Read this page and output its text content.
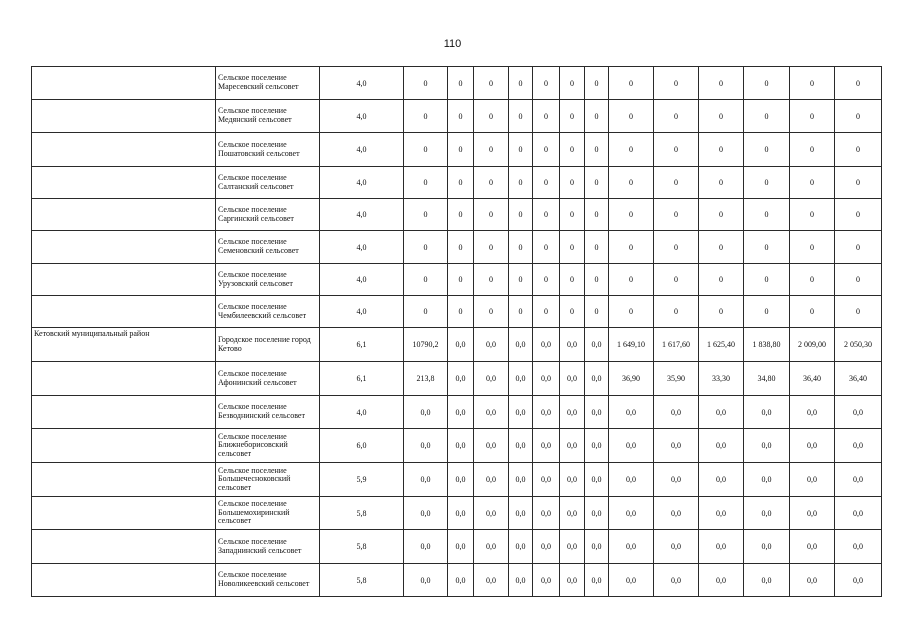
110
	Сельское поселение Маресевский сельсовет	4,0	0	0	0	0	0	0	0	0	0	0	0	0	0
	Сельское поселение Медянский сельсовет	4,0	0	0	0	0	0	0	0	0	0	0	0	0	0
	Сельское поселение Пошатовский сельсовет	4,0	0	0	0	0	0	0	0	0	0	0	0	0	0
	Сельское поселение Салтанский сельсовет	4,0	0	0	0	0	0	0	0	0	0	0	0	0	0
	Сельское поселение Саргинский сельсовет	4,0	0	0	0	0	0	0	0	0	0	0	0	0	0
	Сельское поселение Семеновский сельсовет	4,0	0	0	0	0	0	0	0	0	0	0	0	0	0
	Сельское поселение Урузовский сельсовет	4,0	0	0	0	0	0	0	0	0	0	0	0	0	0
	Сельское поселение Чембилеевский сельсовет	4,0	0	0	0	0	0	0	0	0	0	0	0	0	0
Кетовский муниципальный район	Городское поселение город Кетово	6,1	10790,2	0,0	0,0	0,0	0,0	0,0	0,0	1 649,10	1 617,60	1 625,40	1 838,80	2 009,00	2 050,30
	Сельское поселение Афонинский сельсовет	6,1	213,8	0,0	0,0	0,0	0,0	0,0	0,0	36,90	35,90	33,30	34,80	36,40	36,40
	Сельское поселение Безводнинский сельсовет	4,0	0,0	0,0	0,0	0,0	0,0	0,0	0,0	0,0	0,0	0,0	0,0	0,0	0,0
	Сельское поселение Ближнеборисовский сельсовет	6,0	0,0	0,0	0,0	0,0	0,0	0,0	0,0	0,0	0,0	0,0	0,0	0,0	0,0
	Сельское поселение Большечесноковский сельсовет	5,9	0,0	0,0	0,0	0,0	0,0	0,0	0,0	0,0	0,0	0,0	0,0	0,0	0,0
	Сельское поселение Большемохиринский сельсовет	5,8	0,0	0,0	0,0	0,0	0,0	0,0	0,0	0,0	0,0	0,0	0,0	0,0	0,0
	Сельское поселение Западнинский сельсовет	5,8	0,0	0,0	0,0	0,0	0,0	0,0	0,0	0,0	0,0	0,0	0,0	0,0	0,0
	Сельское поселение Новоликеевский сельсовет	5,8	0,0	0,0	0,0	0,0	0,0	0,0	0,0	0,0	0,0	0,0	0,0	0,0	0,0
